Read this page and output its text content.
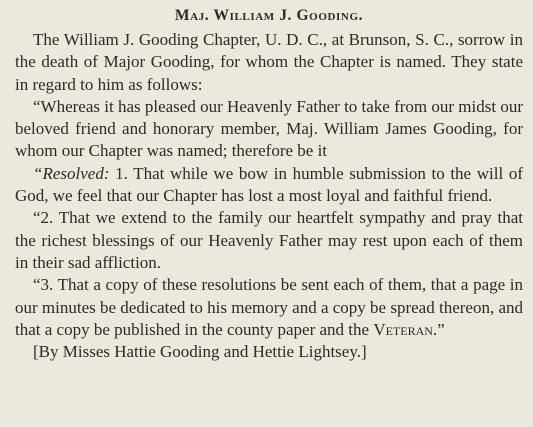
Maj. William J. Gooding.

The William J. Gooding Chapter, U. D. C., at Brunson, S. C., sorrow in the death of Major Gooding, for whom the Chapter is named. They state in regard to him as follows:

“Whereas it has pleased our Heavenly Father to take from our midst our beloved friend and honorary member, Maj. William James Gooding, for whom our Chapter was named; therefore be it

“Resolved: 1. That while we bow in humble submission to the will of God, we feel that our Chapter has lost a most loyal and faithful friend.

“2. That we extend to the family our heartfelt sympathy and pray that the richest blessings of our Heavenly Father may rest upon each of them in their sad affliction.

“3. That a copy of these resolutions be sent each of them, that a page in our minutes be dedicated to his memory and a copy be spread thereon, and that a copy be published in the county paper and the Veteran.”

[By Misses Hattie Gooding and Hettie Lightsey.]
